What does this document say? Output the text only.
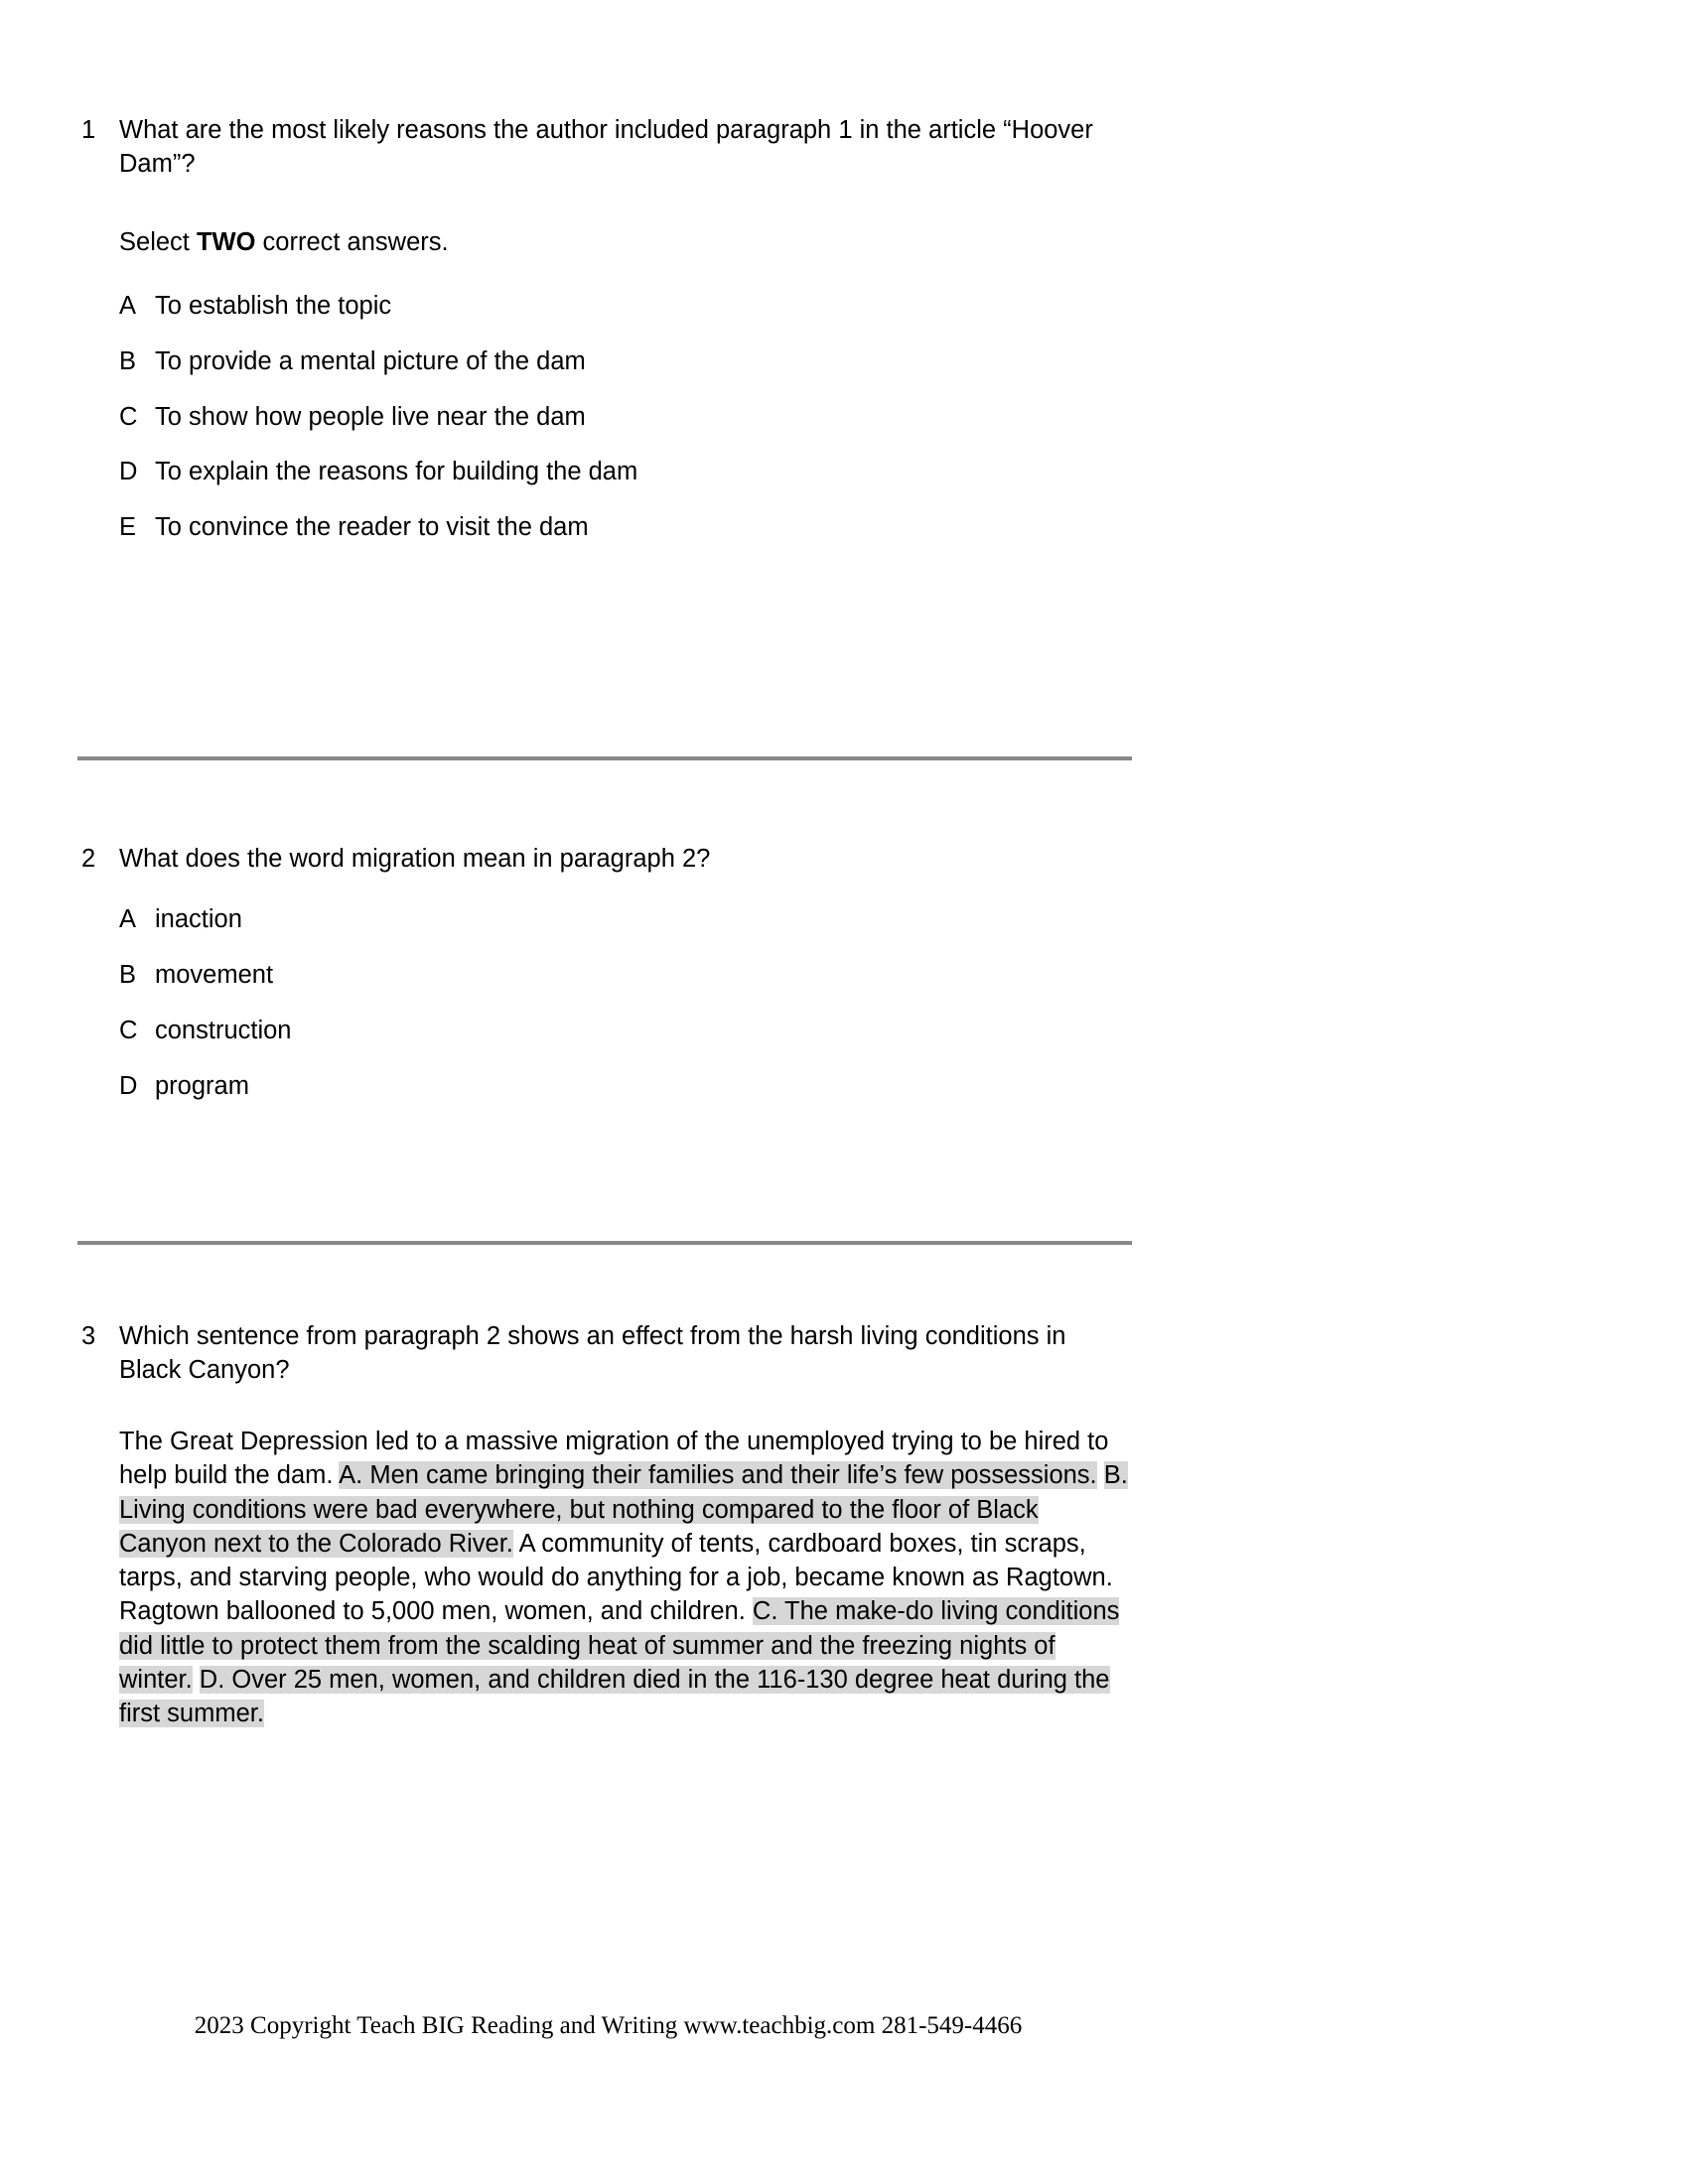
1 What are the most likely reasons the author included paragraph 1 in the article “Hoover Dam”?
Select TWO correct answers.
A To establish the topic
B To provide a mental picture of the dam
C To show how people live near the dam
D To explain the reasons for building the dam
E To convince the reader to visit the dam
2 What does the word migration mean in paragraph 2?
A inaction
B movement
C construction
D program
3 Which sentence from paragraph 2 shows an effect from the harsh living conditions in Black Canyon?
The Great Depression led to a massive migration of the unemployed trying to be hired to help build the dam. A. Men came bringing their families and their life’s few possessions. B. Living conditions were bad everywhere, but nothing compared to the floor of Black Canyon next to the Colorado River. A community of tents, cardboard boxes, tin scraps, tarps, and starving people, who would do anything for a job, became known as Ragtown. Ragtown ballooned to 5,000 men, women, and children. C. The make-do living conditions did little to protect them from the scalding heat of summer and the freezing nights of winter. D. Over 25 men, women, and children died in the 116-130 degree heat during the first summer.
2023 Copyright Teach BIG Reading and Writing www.teachbig.com 281-549-4466
